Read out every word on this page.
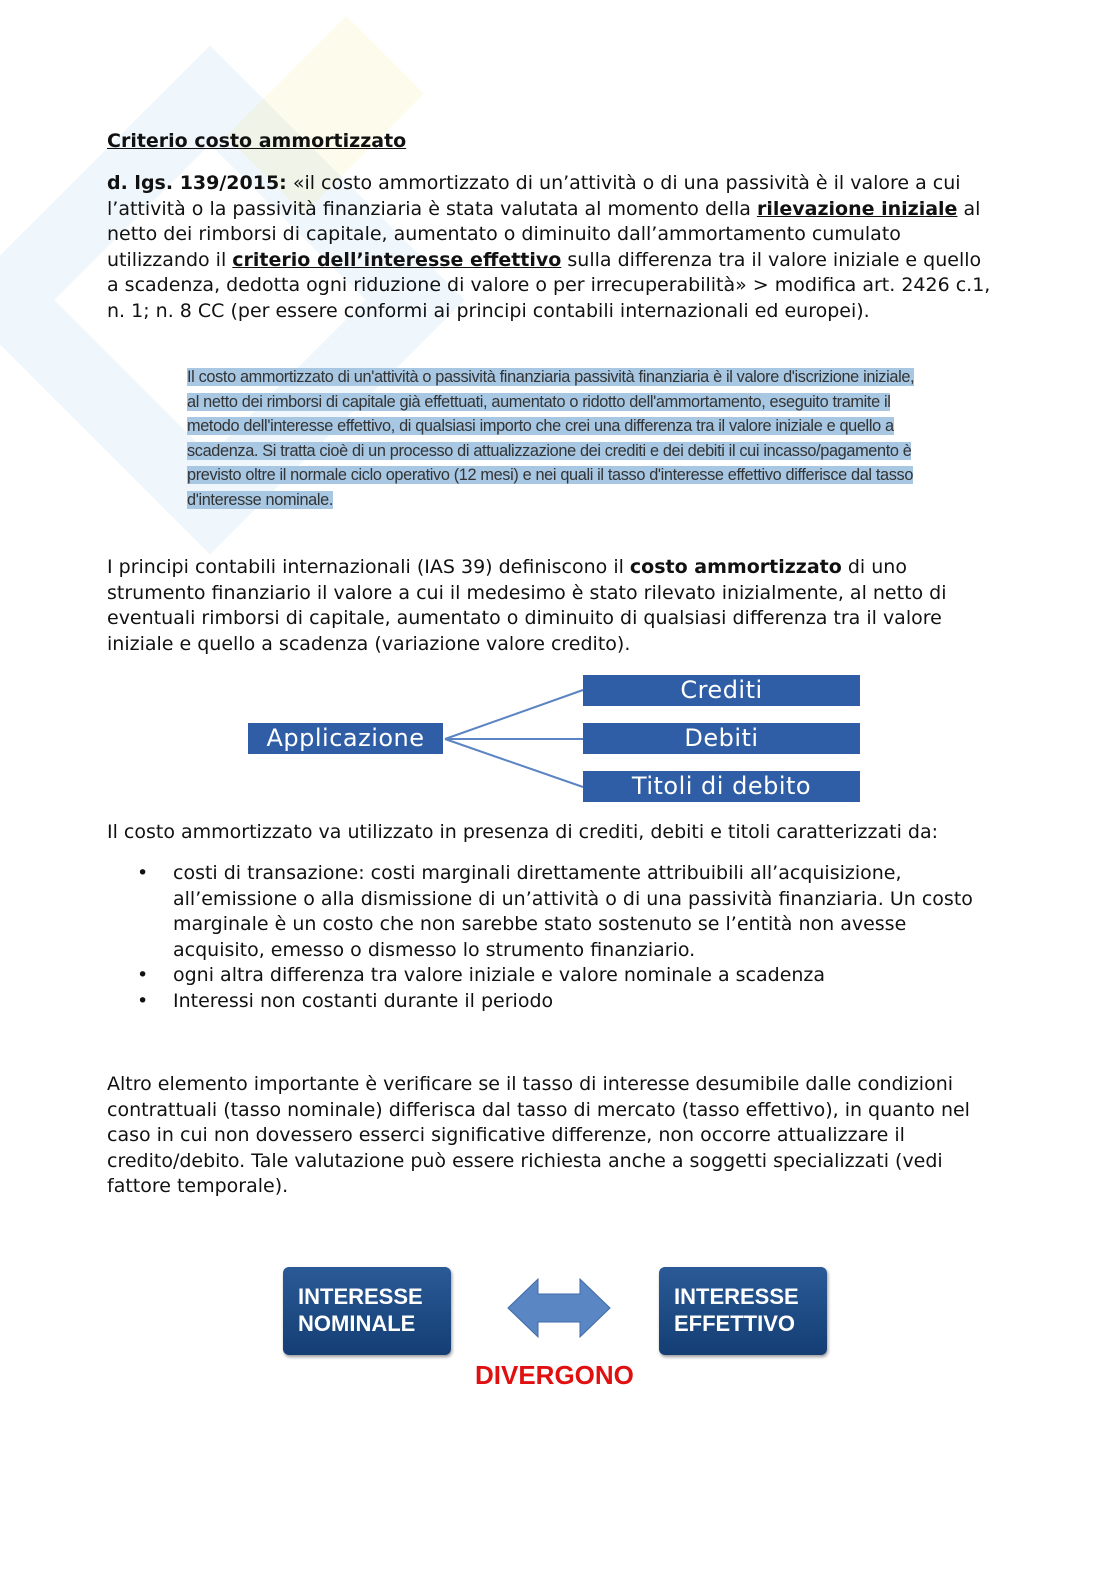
Criterio costo ammortizzato
d. lgs. 139/2015: «il costo ammortizzato di un’attività o di una passività è il valore a cui l’attività o la passività finanziaria è stata valutata al momento della rilevazione iniziale al netto dei rimborsi di capitale, aumentato o diminuito dall’ammortamento cumulato utilizzando il criterio dell’interesse effettivo sulla differenza tra il valore iniziale e quello a scadenza, dedotta ogni riduzione di valore o per irrecuperabilità» > modifica art. 2426 c.1, n. 1; n. 8 CC (per essere conformi ai principi contabili internazionali ed europei).
Il costo ammortizzato di un'attività o passività finanziaria passività finanziaria è il valore d'iscrizione iniziale, al netto dei rimborsi di capitale già effettuati, aumentato o ridotto dell'ammortamento, eseguito tramite il metodo dell'interesse effettivo, di qualsiasi importo che crei una differenza tra il valore iniziale e quello a scadenza. Si tratta cioè di un processo di attualizzazione dei crediti e dei debiti il cui incasso/pagamento è previsto oltre il normale ciclo operativo (12 mesi) e nei quali il tasso d'interesse effettivo differisce dal tasso d'interesse nominale.
I principi contabili internazionali (IAS 39) definiscono il costo ammortizzato di uno strumento finanziario il valore a cui il medesimo è stato rilevato inizialmente, al netto di eventuali rimborsi di capitale, aumentato o diminuito di qualsiasi differenza tra il valore iniziale e quello a scadenza (variazione valore credito).
Applicazione
Crediti
Debiti
Titoli di debito
Il costo ammortizzato va utilizzato in presenza di crediti, debiti e titoli caratterizzati da:
• costi di transazione: costi marginali direttamente attribuibili all’acquisizione, all’emissione o alla dismissione di un’attività o di una passività finanziaria. Un costo marginale è un costo che non sarebbe stato sostenuto se l’entità non avesse acquisito, emesso o dismesso lo strumento finanziario.
• ogni altra differenza tra valore iniziale e valore nominale a scadenza
• Interessi non costanti durante il periodo
Altro elemento importante è verificare se il tasso di interesse desumibile dalle condizioni contrattuali (tasso nominale) differisca dal tasso di mercato (tasso effettivo), in quanto nel caso in cui non dovessero esserci significative differenze, non occorre attualizzare il credito/debito. Tale valutazione può essere richiesta anche a soggetti specializzati (vedi fattore temporale).
INTERESSE
NOMINALE
INTERESSE
EFFETTIVO
DIVERGONO
